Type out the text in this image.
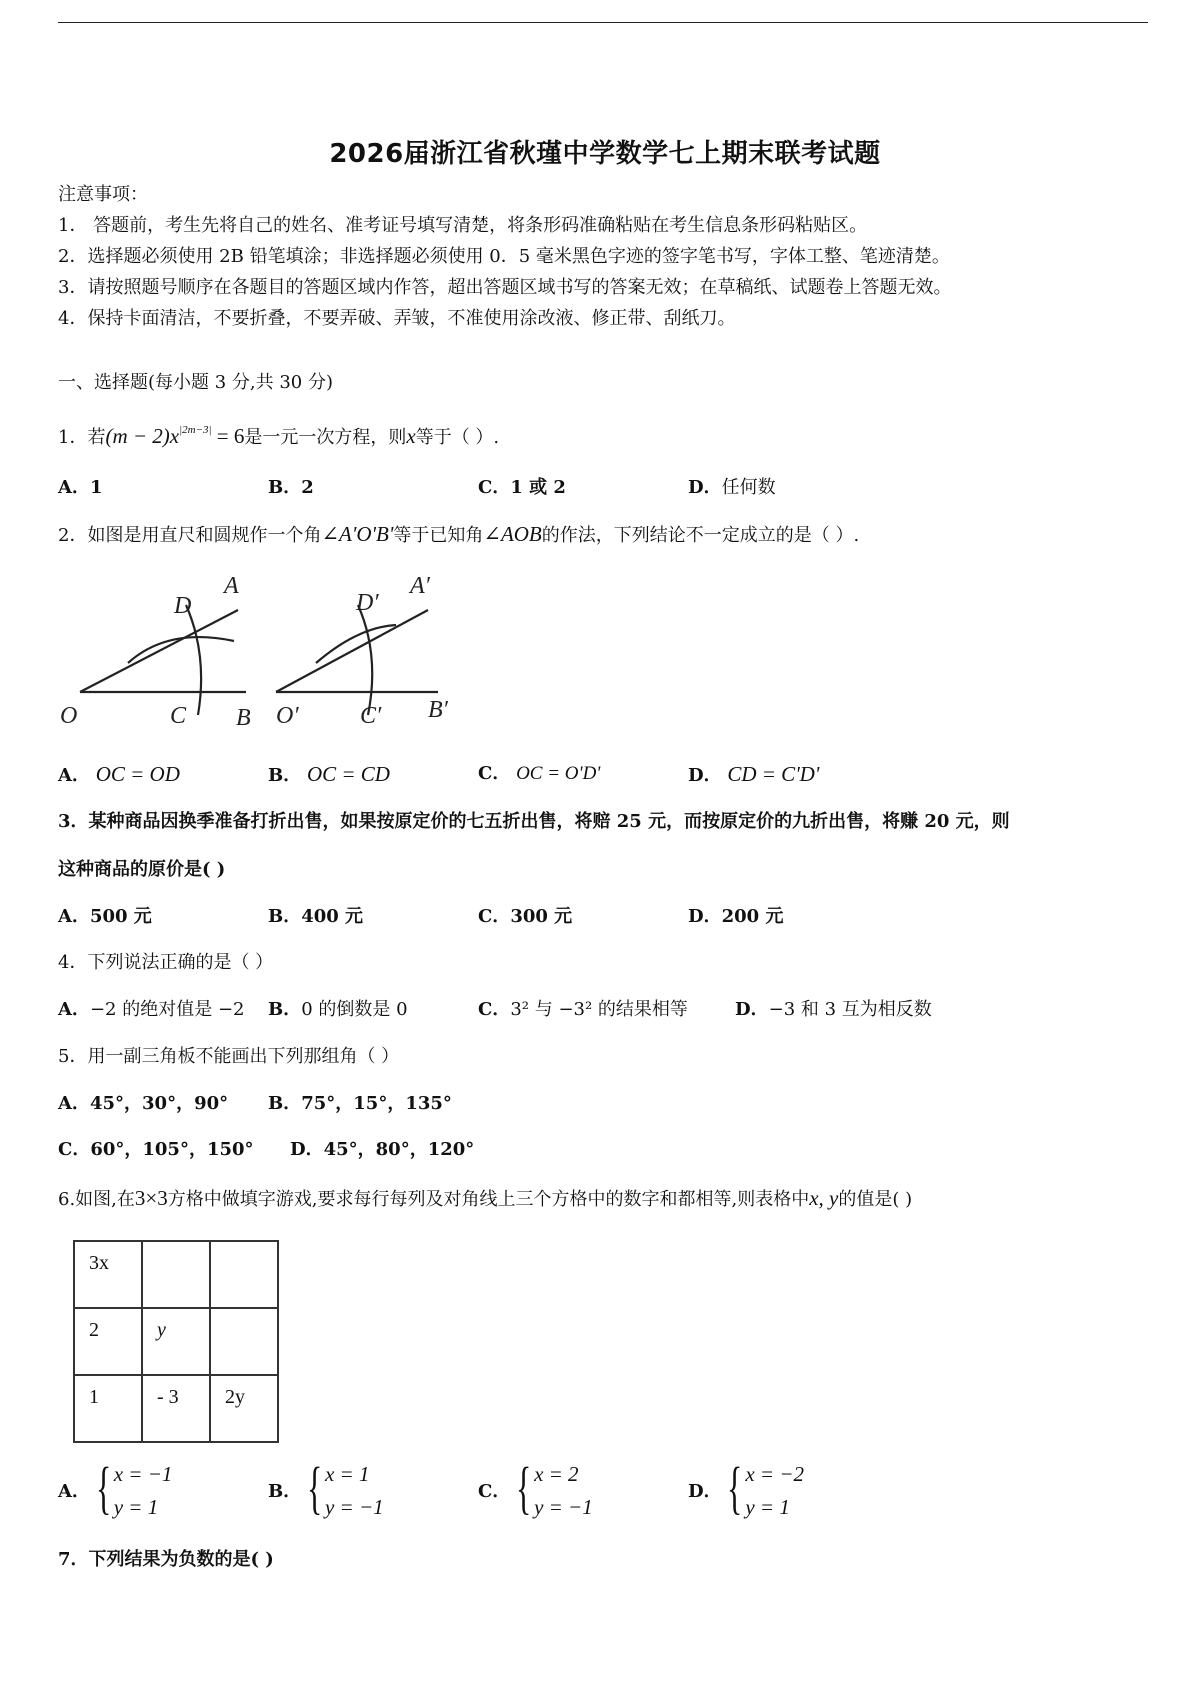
2026届浙江省秋瑾中学数学七上期末联考试题
注意事项：
1． 答题前，考生先将自己的姓名、准考证号填写清楚，将条形码准确粘贴在考生信息条形码粘贴区。
2．选择题必须使用 2B 铅笔填涂；非选择题必须使用 0．5 毫米黑色字迹的签字笔书写，字体工整、笔迹清楚。
3．请按照题号顺序在各题目的答题区域内作答，超出答题区域书写的答案无效；在草稿纸、试题卷上答题无效。
4．保持卡面清洁，不要折叠，不要弄破、弄皱，不准使用涂改液、修正带、刮纸刀。
一、选择题(每小题 3 分,共 30 分)
1．若$(m - 2)x^{|2m-3|} = 6$是一元一次方程，则x等于（ ）.
A．1	B．2	C．1 或 2	D．任何数
2．如图是用直尺和圆规作一个角∠A'O'B'等于已知角∠AOB的作法，下列结论不一定成立的是（ ）.
O	C B
D
A
O′	C′ B′
D′
A′
A． OC = OD	B． OC = CD	C． OC = O'D'	D． CD = C'D'
3．某种商品因换季准备打折出售，如果按原定价的七五折出售，将赔 25 元，而按原定价的九折出售，将赚 20 元，则
这种商品的原价是( )
A．500 元	B．400 元	C．300 元	D．200 元
4．下列说法正确的是（ ）
A．−2 的绝对值是 −2 B．0 的倒数是 0	C．3² 与 −3² 的结果相等	D．−3 和 3 互为相反数
5．用一副三角板不能画出下列那组角（ ）
A．45°，30°，90° B．75°，15°，135°
C．60°，105°，150° D．45°，80°，120°
6.如图,在3×3方格中做填字游戏,要求每行每列及对角线上三个方格中的数字和都相等,则表格中x, y的值是( )
3x		
2	y	
1	- 3	2y
A． { x = −1
y = 1
B． { x = 1
y = −1
C． { x = 2
y = −1
D． { x = −2
y = 1
7．下列结果为负数的是( )
